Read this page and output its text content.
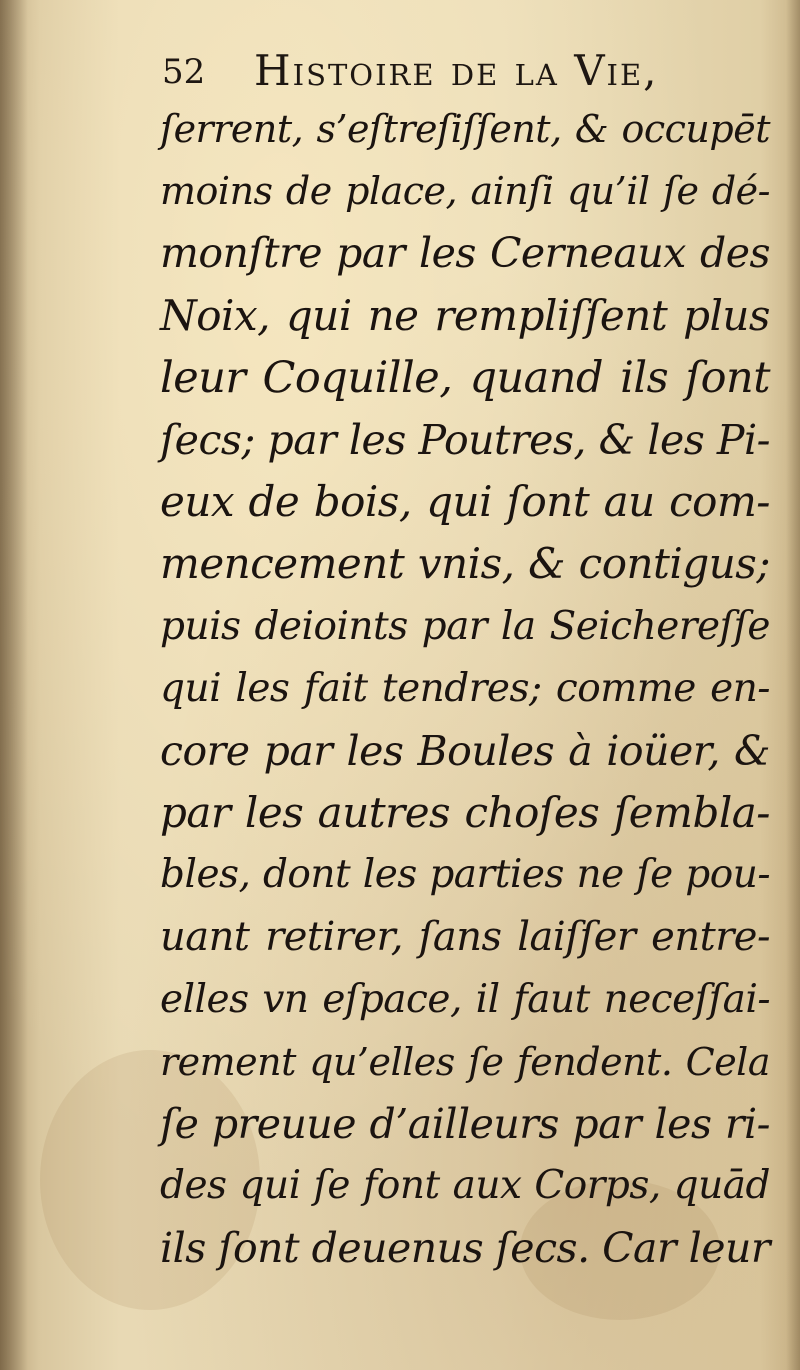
52 Histoire de la Vie,
ſerrent, s’eſtreſiſſent, & occupēt
moins de place, ainſi qu’il ſe dé-
monſtre par les Cerneaux des
Noix, qui ne rempliſſent plus
leur Coquille, quand ils ſont
ſecs; par les Poutres, & les Pi-
eux de bois, qui ſont au com-
mencement vnis, & contigus;
puis deioints par la Seichereſſe
qui les fait tendres; comme en-
core par les Boules à ioüer, &
par les autres choſes ſembla-
bles, dont les parties ne ſe pou-
uant retirer, ſans laiſſer entre-
elles vn eſpace, il faut neceſſai-
rement qu’elles ſe fendent. Cela
ſe preuue d’ailleurs par les ri-
des qui ſe font aux Corps, quād
ils ſont deuenus ſecs. Car leur
